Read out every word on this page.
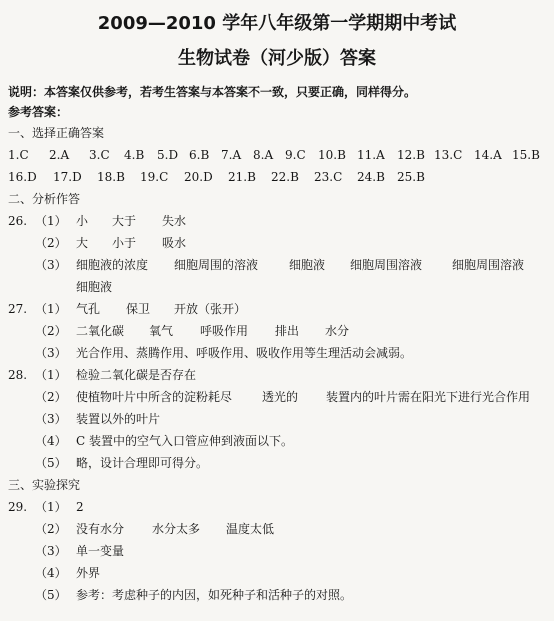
2009—2010 学年八年级第一学期期中考试
生物试卷（河少版）答案
说明：本答案仅供参考，若考生答案与本答案不一致，只要正确，同样得分。
参考答案：
一、选择正确答案
1.C 2.A 3.C 4.B 5.D 6.B 7.A 8.A 9.C 10.B 11.A 12.B 13.C 14.A 15.B
16.D 17.D 18.B 19.C 20.D 21.B 22.B 23.C 24.B 25.B
二、分析作答
26. （1） 小 大于 失水
（2） 大 小于 吸水
（3） 细胞液的浓度 细胞周围的溶液	细胞液 细胞周围溶液 细胞周围溶液
细胞液
27. （1） 气孔 保卫 开放（张开）
（2） 二氧化碳 氧气 呼吸作用 排出 水分
（3） 光合作用、蒸腾作用、呼吸作用、吸收作用等生理活动会减弱。
28. （1） 检验二氧化碳是否存在
（2） 使植物叶片中所含的淀粉耗尽 透光的 装置内的叶片需在阳光下进行光合作用
（3） 装置以外的叶片
（4） C 装置中的空气入口管应伸到液面以下。
（5） 略，设计合理即可得分。
三、实验探究
29. （1） 2
（2） 没有水分 水分太多 温度太低
（3） 单一变量
（4） 外界
（5） 参考：考虑种子的内因，如死种子和活种子的对照。
